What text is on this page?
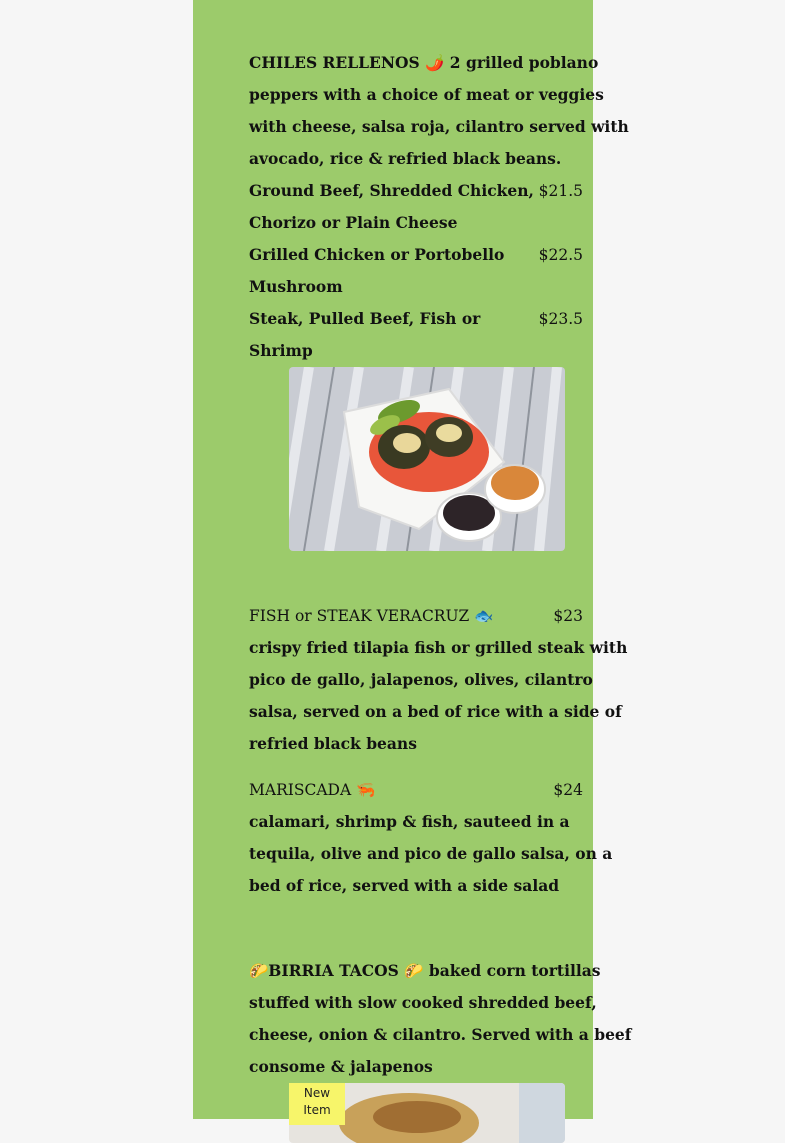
CHILES RELLENOS 🌶️ 2 grilled poblano
peppers with a choice of meat or veggies
with cheese, salsa roja, cilantro served with
avocado, rice & refried black beans.
Ground Beef, Shredded Chicken, $21.5
Chorizo or Plain Cheese
Grilled Chicken or Portobello $22.5
Mushroom
Steak, Pulled Beef, Fish or	$23.5
Shrimp
FISH or STEAK VERACRUZ 🐟	$23
crispy fried tilapia fish or grilled steak with
pico de gallo, jalapenos, olives, cilantro
salsa, served on a bed of rice with a side of
refried black beans
MARISCADA 🦐	$24
calamari, shrimp & fish, sauteed in a
tequila, olive and pico de gallo salsa, on a
bed of rice, served with a side salad
🌮BIRRIA TACOS 🌮 baked corn tortillas
stuffed with slow cooked shredded beef,
cheese, onion & cilantro. Served with a beef
consome & jalapenos
New
Item
